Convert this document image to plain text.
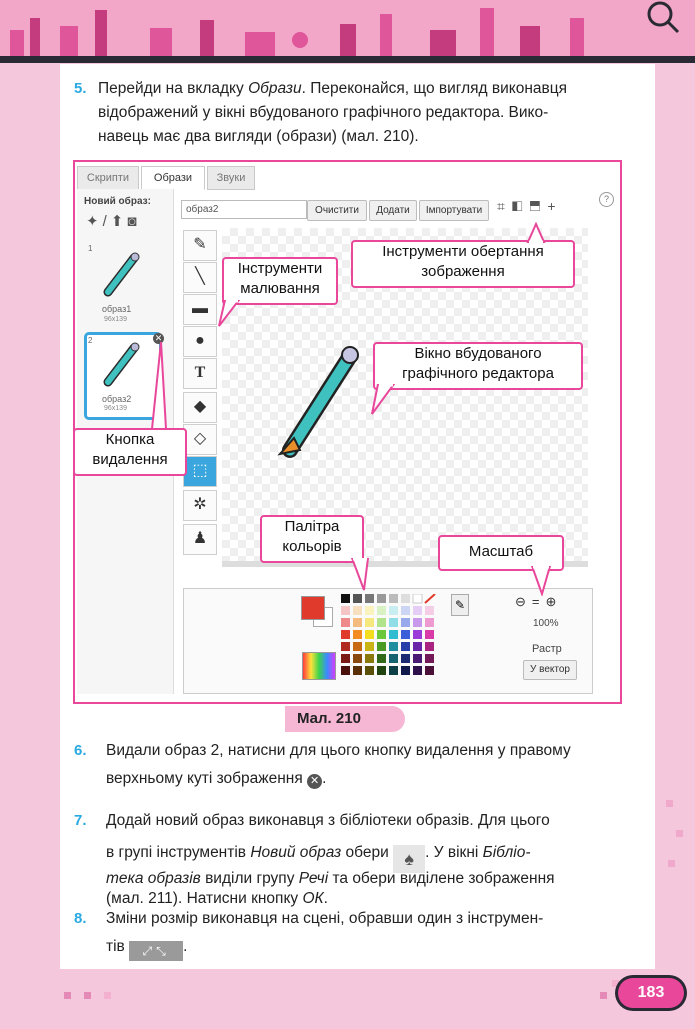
5. Перейди на вкладку Образи. Переконайся, що вигляд виконавця
відображений у вікні вбудованого графічного редактора. Вико-
навець має два вигляди (образи) (мал. 210).
Скрипти	Образи	Звуки
Новий образ:
✦/⬆◙
1
образ1
96x139
2	✕
образ2
96x139
образ2
Очистити	Додати	Імпортувати	⌗◧⬒+	?
✎
╲
▬
●
T
◆
◇
⬚
✲
♟
✎	⊖=⊕
100%
Растр
У вектор
Інструменти
малювання
Інструменти обертання
зображення
Вікно вбудованого
графічного редактора
Кнопка
видалення
Палітра
кольорів	Масштаб
Мал. 210
6. Видали образ 2, натисни для цього кнопку видалення у правому
верхньому куті зображення ✕ .
7. Додай новий образ виконавця з бібліотеки образів. Для цього
в групі інструментів Новий образ обери ♠ . У вікні Бібліо-
тека образів виділи групу Речі та обери виділене зображення
(мал. 211). Натисни кнопку ОК.
8. Зміни розмір виконавця на сцені, обравши один з інструмен-
тів ⤢⤡ .
183
